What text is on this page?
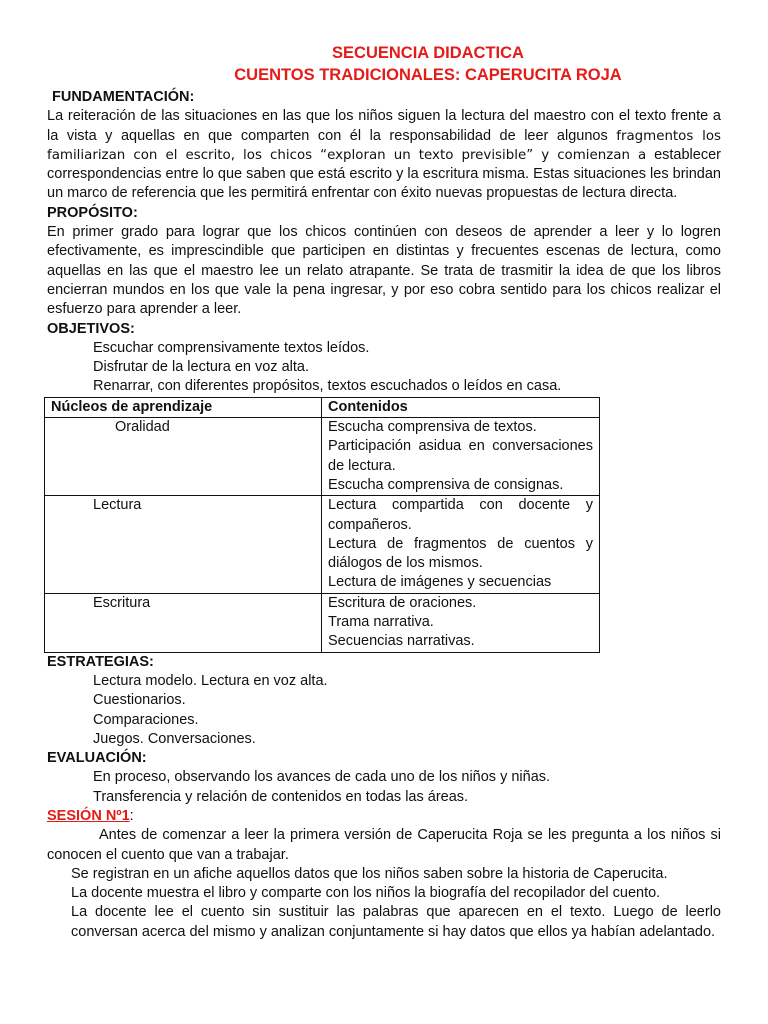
SECUENCIA DIDACTICA
CUENTOS TRADICIONALES: CAPERUCITA ROJA
FUNDAMENTACIÓN:
La reiteración de las situaciones en las que los niños siguen la lectura del maestro con el texto frente a la vista y aquellas en que comparten con él la responsabilidad de leer algunos fragmentos los familiarizan con el escrito, los chicos “exploran un texto previsible” y comienzan a establecer correspondencias entre lo que saben que está escrito y la escritura misma. Estas situaciones les brindan un marco de referencia que les permitirá enfrentar con éxito nuevas propuestas de lectura directa.
PROPÓSITO:
En primer grado para lograr que los chicos continúen con deseos de aprender a leer y lo logren efectivamente, es imprescindible que participen en distintas y frecuentes escenas de lectura, como aquellas en las que el maestro lee un relato atrapante. Se trata de trasmitir la idea de que los libros encierran mundos en los que vale la pena ingresar, y por eso cobra sentido para los chicos realizar el esfuerzo para aprender a leer.
OBJETIVOS:
Escuchar comprensivamente textos leídos.
Disfrutar de la lectura en voz alta.
Renarrar, con diferentes propósitos, textos escuchados o leídos en casa.
Núcleos de aprendizaje	Contenidos

Oralidad	Escucha comprensiva de textos.
Participación asidua en conversaciones de lectura.
Escucha comprensiva de consignas.

Lectura	Lectura compartida con docente y compañeros.
Lectura de fragmentos de cuentos y diálogos de los mismos.
Lectura de imágenes y secuencias

Escritura	Escritura de oraciones.
Trama narrativa.
Secuencias narrativas.
ESTRATEGIAS:
Lectura modelo. Lectura en voz alta.
Cuestionarios.
Comparaciones.
Juegos. Conversaciones.
EVALUACIÓN:
En proceso, observando los avances de cada uno de los niños y niñas.
Transferencia y relación de contenidos en todas las áreas.
SESIÓN Nº1:
Antes de comenzar a leer la primera versión de Caperucita Roja se les pregunta a los niños si conocen el cuento que van a trabajar.
Se registran en un afiche aquellos datos que los niños saben sobre la historia de Caperucita.
La docente muestra el libro y comparte con los niños la biografía del recopilador del cuento.
La docente lee el cuento sin sustituir las palabras que aparecen en el texto. Luego de leerlo conversan acerca del mismo y analizan conjuntamente si hay datos que ellos ya habían adelantado.
